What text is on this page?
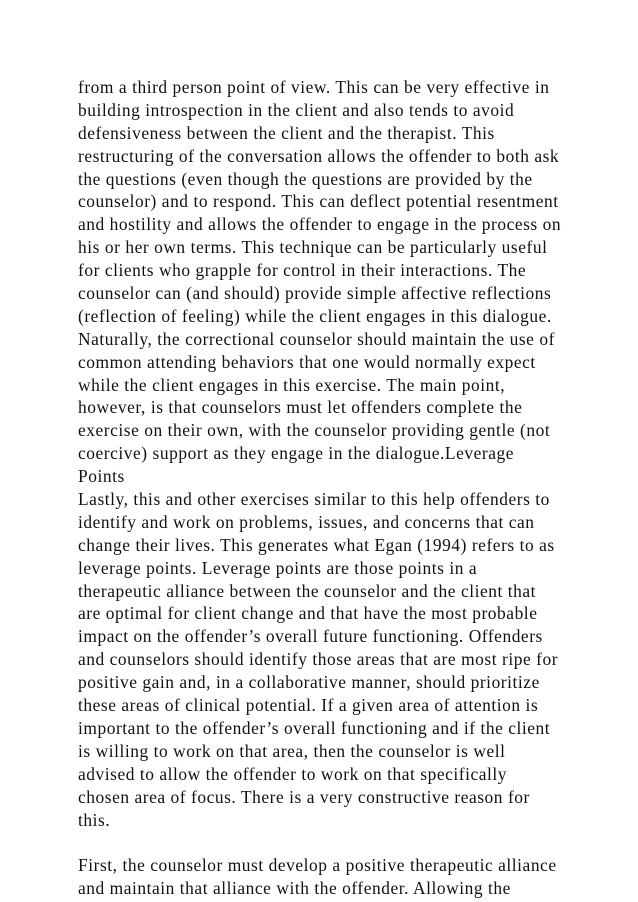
from a third person point of view. This can be very effective in
building introspection in the client and also tends to avoid
defensiveness between the client and the therapist. This
restructuring of the conversation allows the offender to both ask
the questions (even though the questions are provided by the
counselor) and to respond. This can deflect potential resentment
and hostility and allows the offender to engage in the process on
his or her own terms. This technique can be particularly useful
for clients who grapple for control in their interactions. The
counselor can (and should) provide simple affective reflections
(reflection of feeling) while the client engages in this dialogue.
Naturally, the correctional counselor should maintain the use of
common attending behaviors that one would normally expect
while the client engages in this exercise. The main point,
however, is that counselors must let offenders complete the
exercise on their own, with the counselor providing gentle (not
coercive) support as they engage in the dialogue.Leverage
Points
Lastly, this and other exercises similar to this help offenders to
identify and work on problems, issues, and concerns that can
change their lives. This generates what Egan (1994) refers to as
leverage points. Leverage points are those points in a
therapeutic alliance between the counselor and the client that
are optimal for client change and that have the most probable
impact on the offender’s overall future functioning. Offenders
and counselors should identify those areas that are most ripe for
positive gain and, in a collaborative manner, should prioritize
these areas of clinical potential. If a given area of attention is
important to the offender’s overall functioning and if the client
is willing to work on that area, then the counselor is well
advised to allow the offender to work on that specifically
chosen area of focus. There is a very constructive reason for
this.
First, the counselor must develop a positive therapeutic alliance
and maintain that alliance with the offender. Allowing the
